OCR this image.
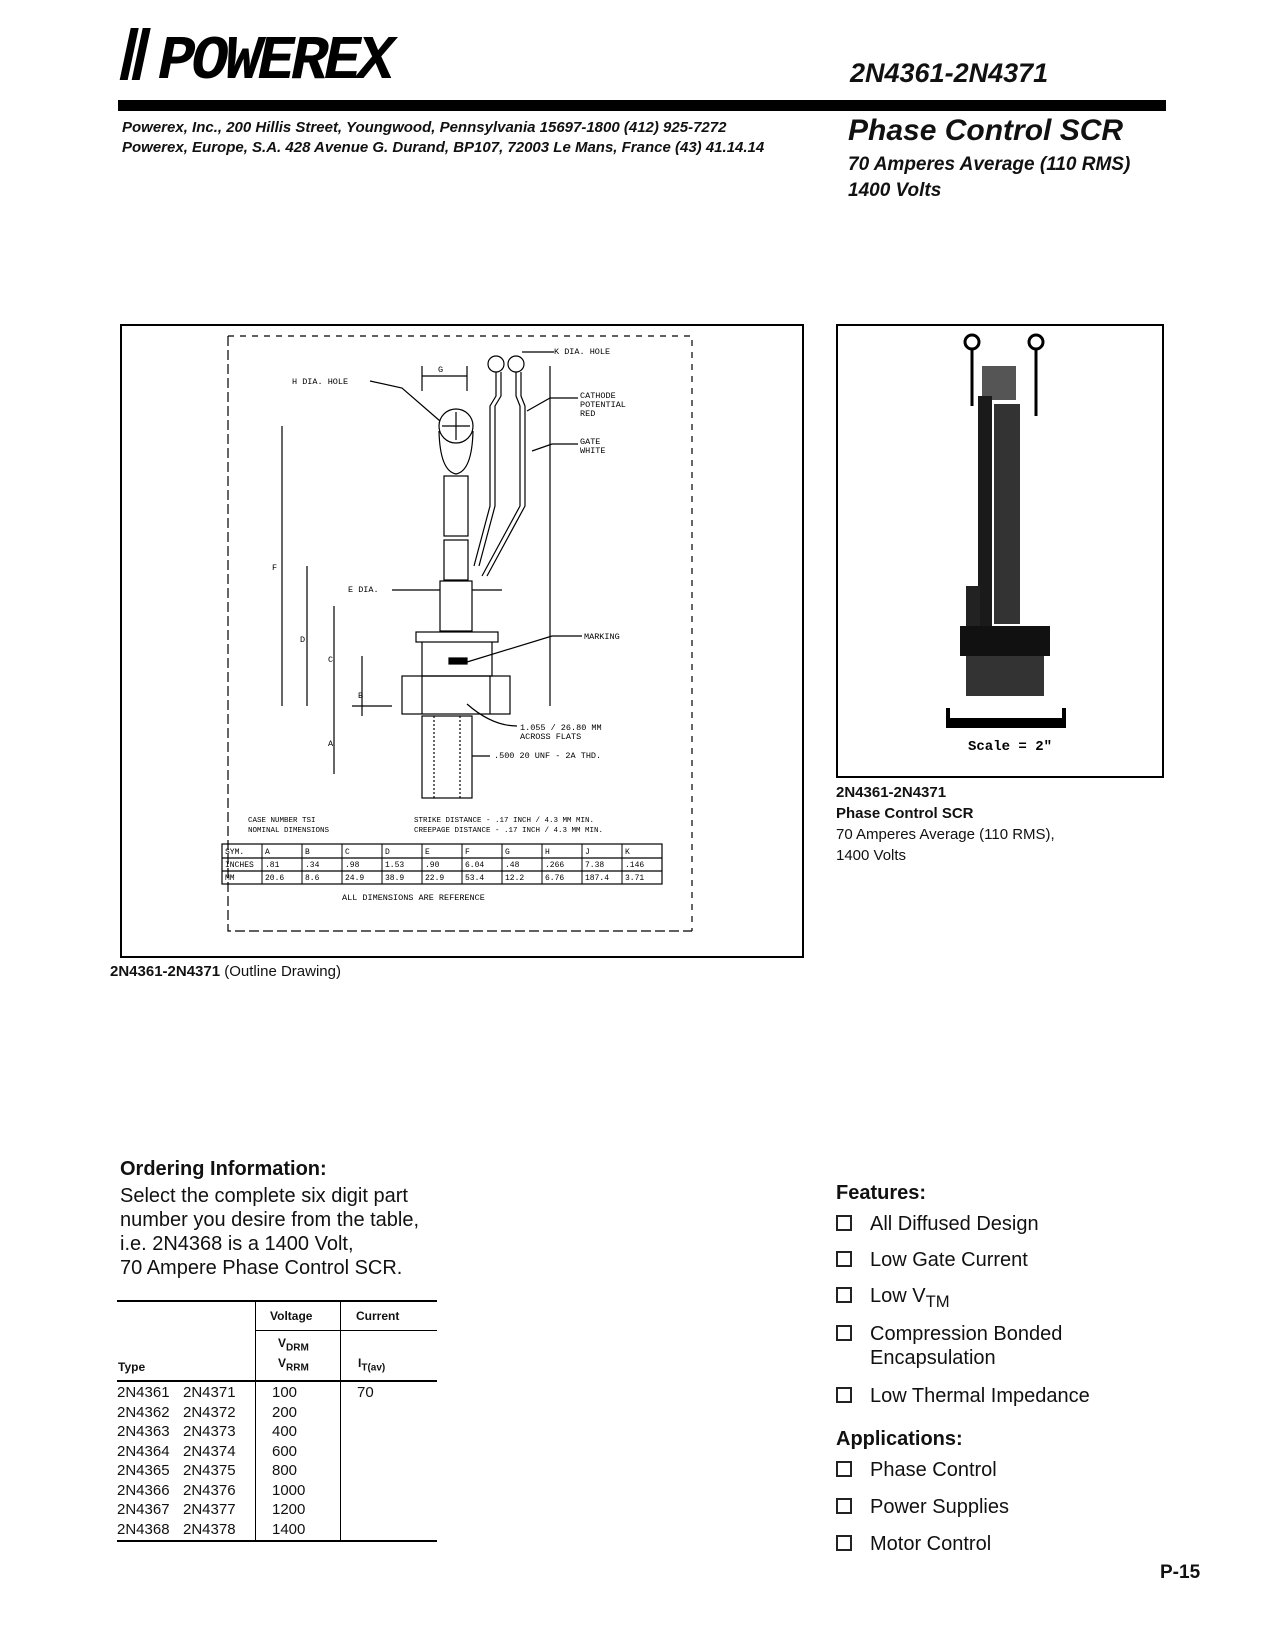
POWEREX	2N4361-2N4371
Powerex, Inc., 200 Hillis Street, Youngwood, Pennsylvania 15697-1800 (412) 925-7272
Powerex, Europe, S.A. 428 Avenue G. Durand, BP107, 72003 Le Mans, France (43) 41.14.14
Phase Control SCR
70 Amperes Average (110 RMS)
1400 Volts
K DIA. HOLE
H DIA. HOLE
G
CATHODE
POTENTIAL
RED
GATE
WHITE
E DIA.
MARKING
1.055 / 26.80 MM
ACROSS FLATS
.500 20 UNF - 2A THD.
F
D
C
B
A
CASE NUMBER TSI
NOMINAL DIMENSIONS
STRIKE DISTANCE - .17 INCH / 4.3 MM MIN.
CREEPAGE DISTANCE - .17 INCH / 4.3 MM MIN.
ALL DIMENSIONS ARE REFERENCE
SYM.	A	B	C	D	E	F	G	H	J	K
INCHES .81	.34	.98	1.53	.90	6.04	.48	.266	7.38	.146
MM	20.6	8.6	24.9	38.9	22.9	53.4	12.2	6.76	187.4 3.71
2N4361-2N4371 (Outline Drawing)
Scale = 2"
2N4361-2N4371
Phase Control SCR
70 Amperes Average (110 RMS),
1400 Volts
Ordering Information:
Select the complete six digit part
number you desire from the table,
i.e. 2N4368 is a 1400 Volt,
70 Ampere Phase Control SCR.
Voltage	Current
Type
$V_{DRM}$
$V_{RRM}$	$I_{T(av)}$
2N4361 2N4371 100	70
2N4362 2N4372 200
2N4363 2N4373 400
2N4364 2N4374 600
2N4365 2N4375 800
2N4366 2N4376 1000
2N4367 2N4377 1200
2N4368 2N4378 1400
Features:
All Diffused Design
Low Gate Current
Low $V_{TM}$
Compression Bonded
Encapsulation
Low Thermal Impedance
Applications:
Phase Control
Power Supplies
Motor Control
P-15
